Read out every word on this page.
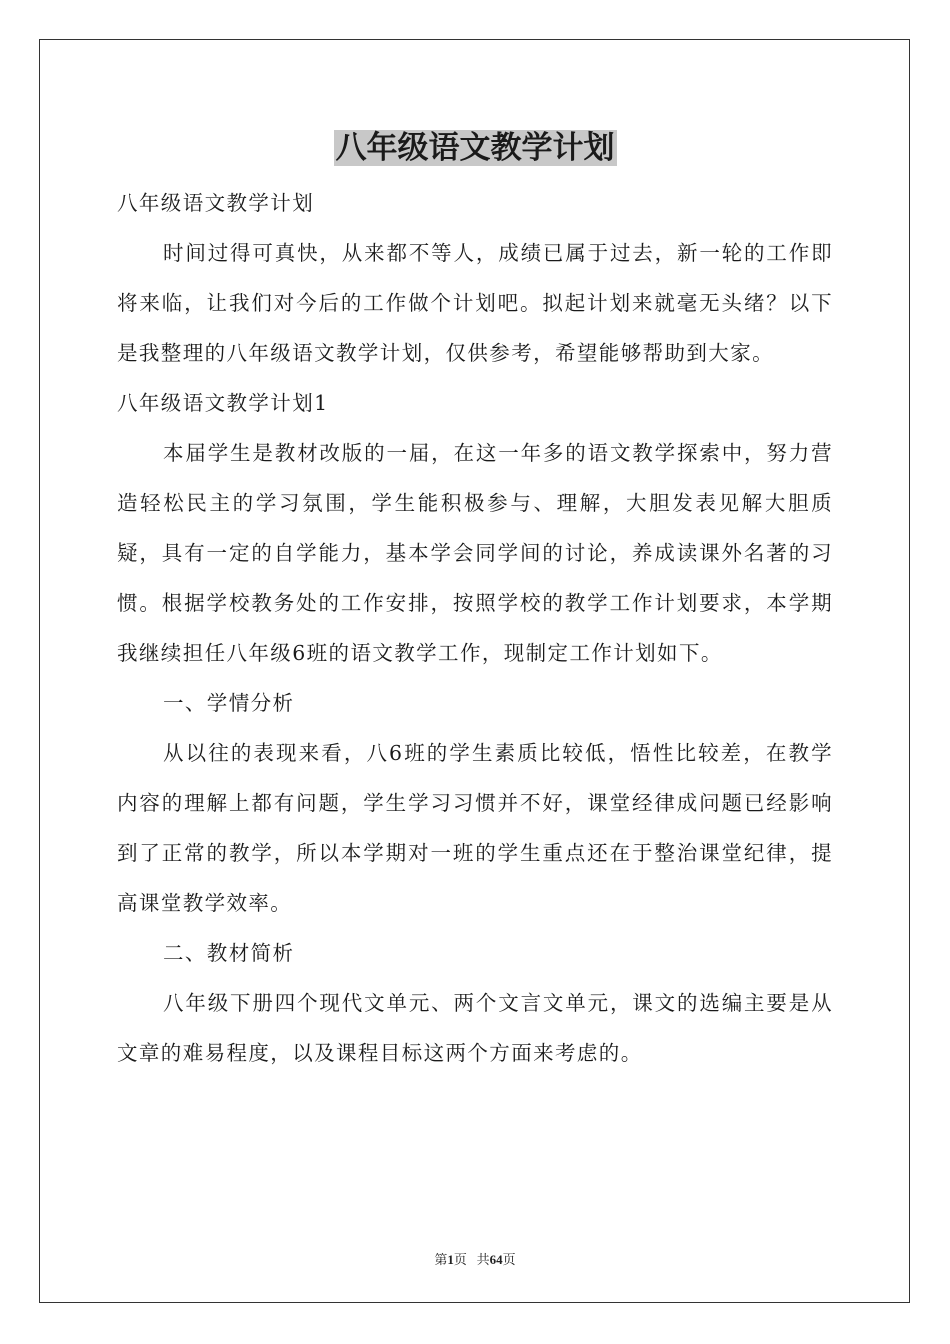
八年级语文教学计划

八年级语文教学计划

时间过得可真快，从来都不等人，成绩已属于过去，新一轮的工作即将来临，让我们对今后的工作做个计划吧。拟起计划来就毫无头绪？以下是我整理的八年级语文教学计划，仅供参考，希望能够帮助到大家。

八年级语文教学计划1

本届学生是教材改版的一届，在这一年多的语文教学探索中，努力营造轻松民主的学习氛围，学生能积极参与、理解，大胆发表见解大胆质疑，具有一定的自学能力，基本学会同学间的讨论，养成读课外名著的习惯。根据学校教务处的工作安排，按照学校的教学工作计划要求，本学期我继续担任八年级6班的语文教学工作，现制定工作计划如下。

一、学情分析

从以往的表现来看，八6班的学生素质比较低，悟性比较差，在教学内容的理解上都有问题，学生学习习惯并不好，课堂经律成问题已经影响到了正常的教学，所以本学期对一班的学生重点还在于整治课堂纪律，提高课堂教学效率。

二、教材简析

八年级下册四个现代文单元、两个文言文单元，课文的选编主要是从文章的难易程度，以及课程目标这两个方面来考虑的。

第1页 共64页
